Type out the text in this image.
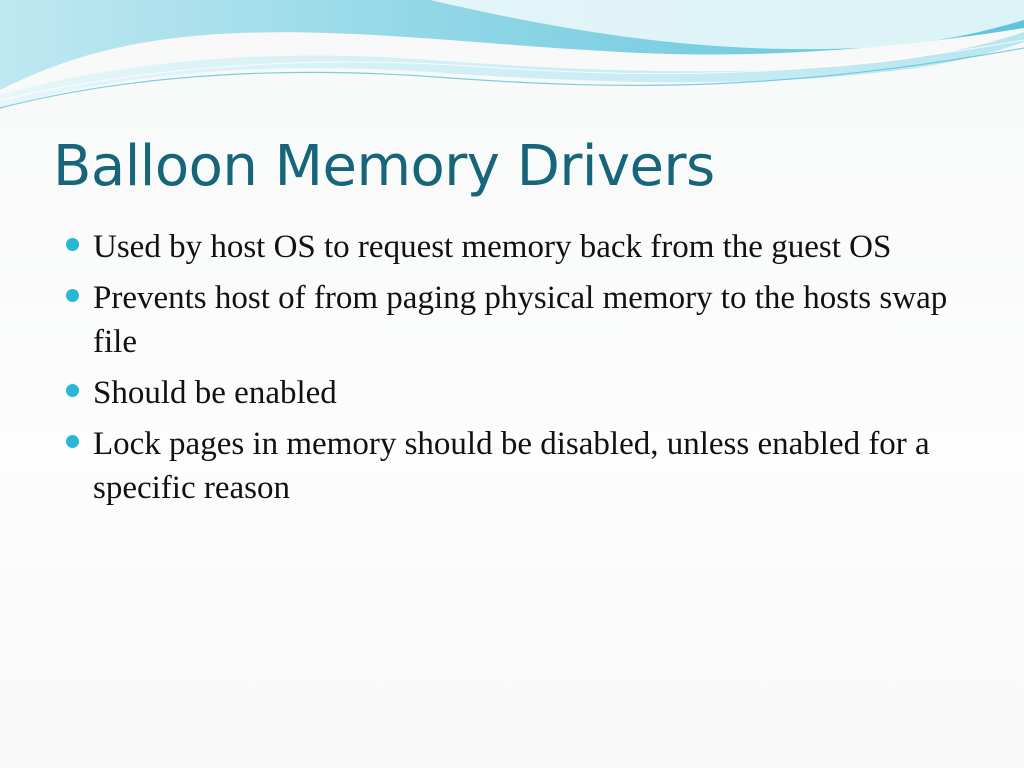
Balloon Memory Drivers
Used by host OS to request memory back from the guest OS
Prevents host of from paging physical memory to the hosts swap file
Should be enabled
Lock pages in memory should be disabled, unless enabled for a specific reason
